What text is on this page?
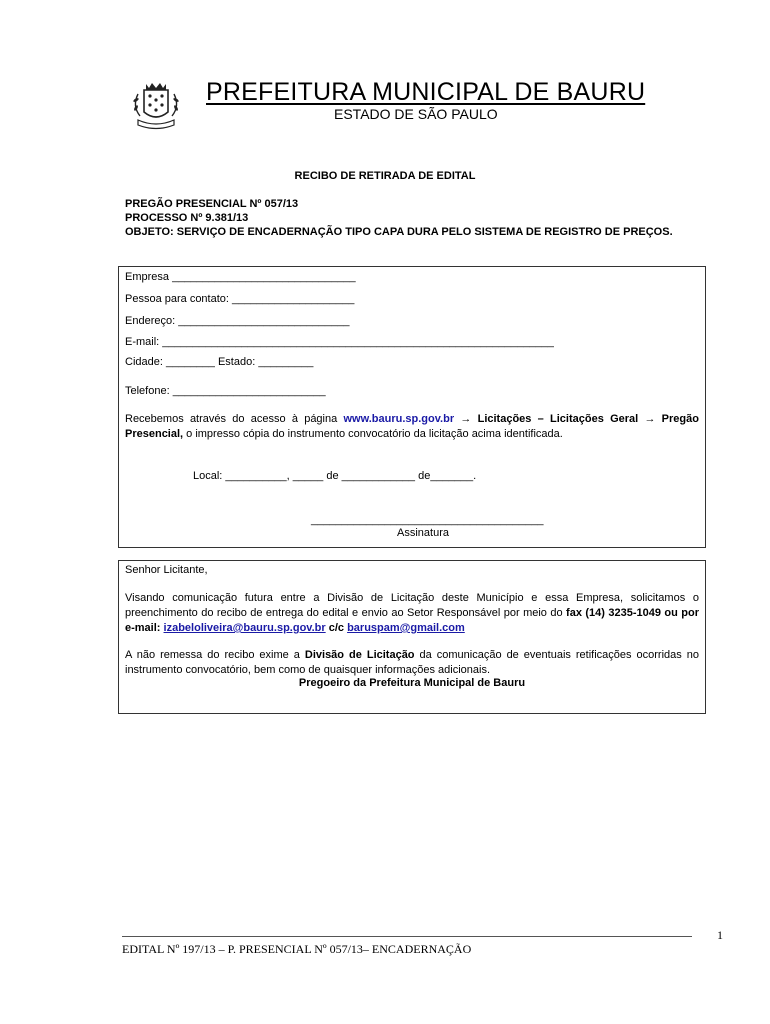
PREFEITURA MUNICIPAL DE BAURU
ESTADO DE SÃO PAULO
RECIBO DE RETIRADA DE EDITAL
PREGÃO PRESENCIAL Nº 057/13
PROCESSO Nº 9.381/13
OBJETO: SERVIÇO DE ENCADERNAÇÃO TIPO CAPA DURA PELO SISTEMA DE REGISTRO DE PREÇOS.
Empresa ______________________________
Pessoa para contato: ____________________
Endereço: ____________________________
E-mail: ________________________________________________________________
Cidade: ________ Estado: _________
Telefone: _________________________
Recebemos através do acesso à página www.bauru.sp.gov.br → Licitações – Licitações Geral → Pregão Presencial, o impresso cópia do instrumento convocatório da licitação acima identificada.
Local: __________, _____ de ____________ de_______.
______________________________________
Assinatura
Senhor Licitante,
Visando comunicação futura entre a Divisão de Licitação deste Município e essa Empresa, solicitamos o preenchimento do recibo de entrega do edital e envio ao Setor Responsável por meio do fax (14) 3235-1049 ou por e-mail: izabeloliveira@bauru.sp.gov.br c/c baruspam@gmail.com
A não remessa do recibo exime a Divisão de Licitação da comunicação de eventuais retificações ocorridas no instrumento convocatório, bem como de quaisquer informações adicionais.
Pregoeiro da Prefeitura Municipal de Bauru
EDITAL Nº 197/13 – P. PRESENCIAL Nº 057/13– ENCADERNAÇÃO
1
